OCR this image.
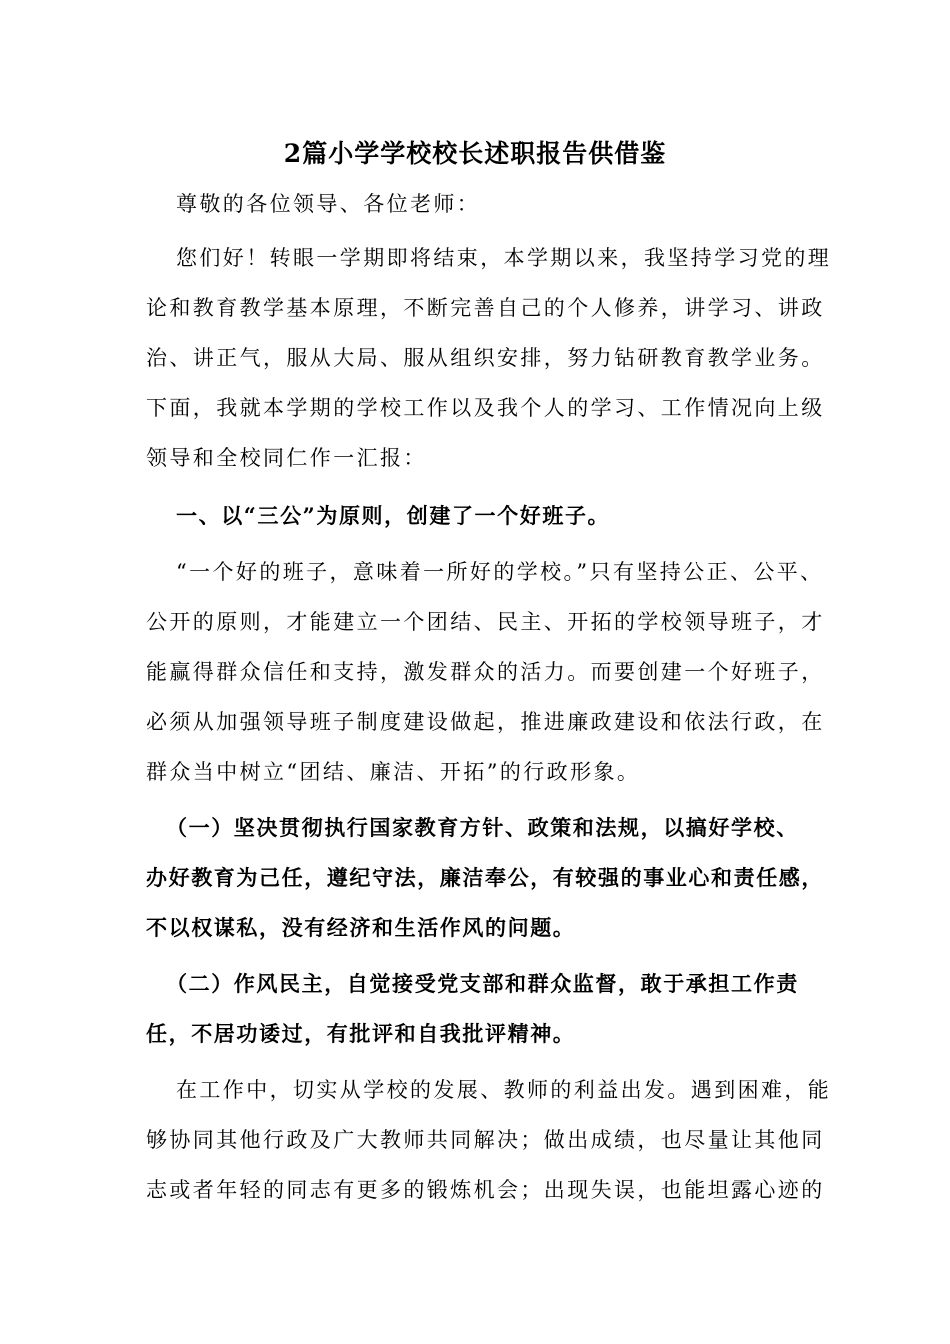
2篇小学学校校长述职报告供借鉴
尊敬的各位领导、各位老师：
您们好！转眼一学期即将结束，本学期以来，我坚持学习党的理
论和教育教学基本原理，不断完善自己的个人修养，讲学习、讲政
治、讲正气，服从大局、服从组织安排，努力钻研教育教学业务。
下面，我就本学期的学校工作以及我个人的学习、工作情况向上级
领导和全校同仁作一汇报：
一、以“三公”为原则，创建了一个好班子。
“一个好的班子，意味着一所好的学校。”只有坚持公正、公平、
公开的原则，才能建立一个团结、民主、开拓的学校领导班子，才
能赢得群众信任和支持，激发群众的活力。而要创建一个好班子，
必须从加强领导班子制度建设做起，推进廉政建设和依法行政，在
群众当中树立“团结、廉洁、开拓”的行政形象。
（一）坚决贯彻执行国家教育方针、政策和法规，以搞好学校、
办好教育为己任，遵纪守法，廉洁奉公，有较强的事业心和责任感，
不以权谋私，没有经济和生活作风的问题。
（二）作风民主，自觉接受党支部和群众监督，敢于承担工作责
任，不居功诿过，有批评和自我批评精神。
在工作中，切实从学校的发展、教师的利益出发。遇到困难，能
够协同其他行政及广大教师共同解决；做出成绩，也尽量让其他同
志或者年轻的同志有更多的锻炼机会；出现失误，也能坦露心迹的
